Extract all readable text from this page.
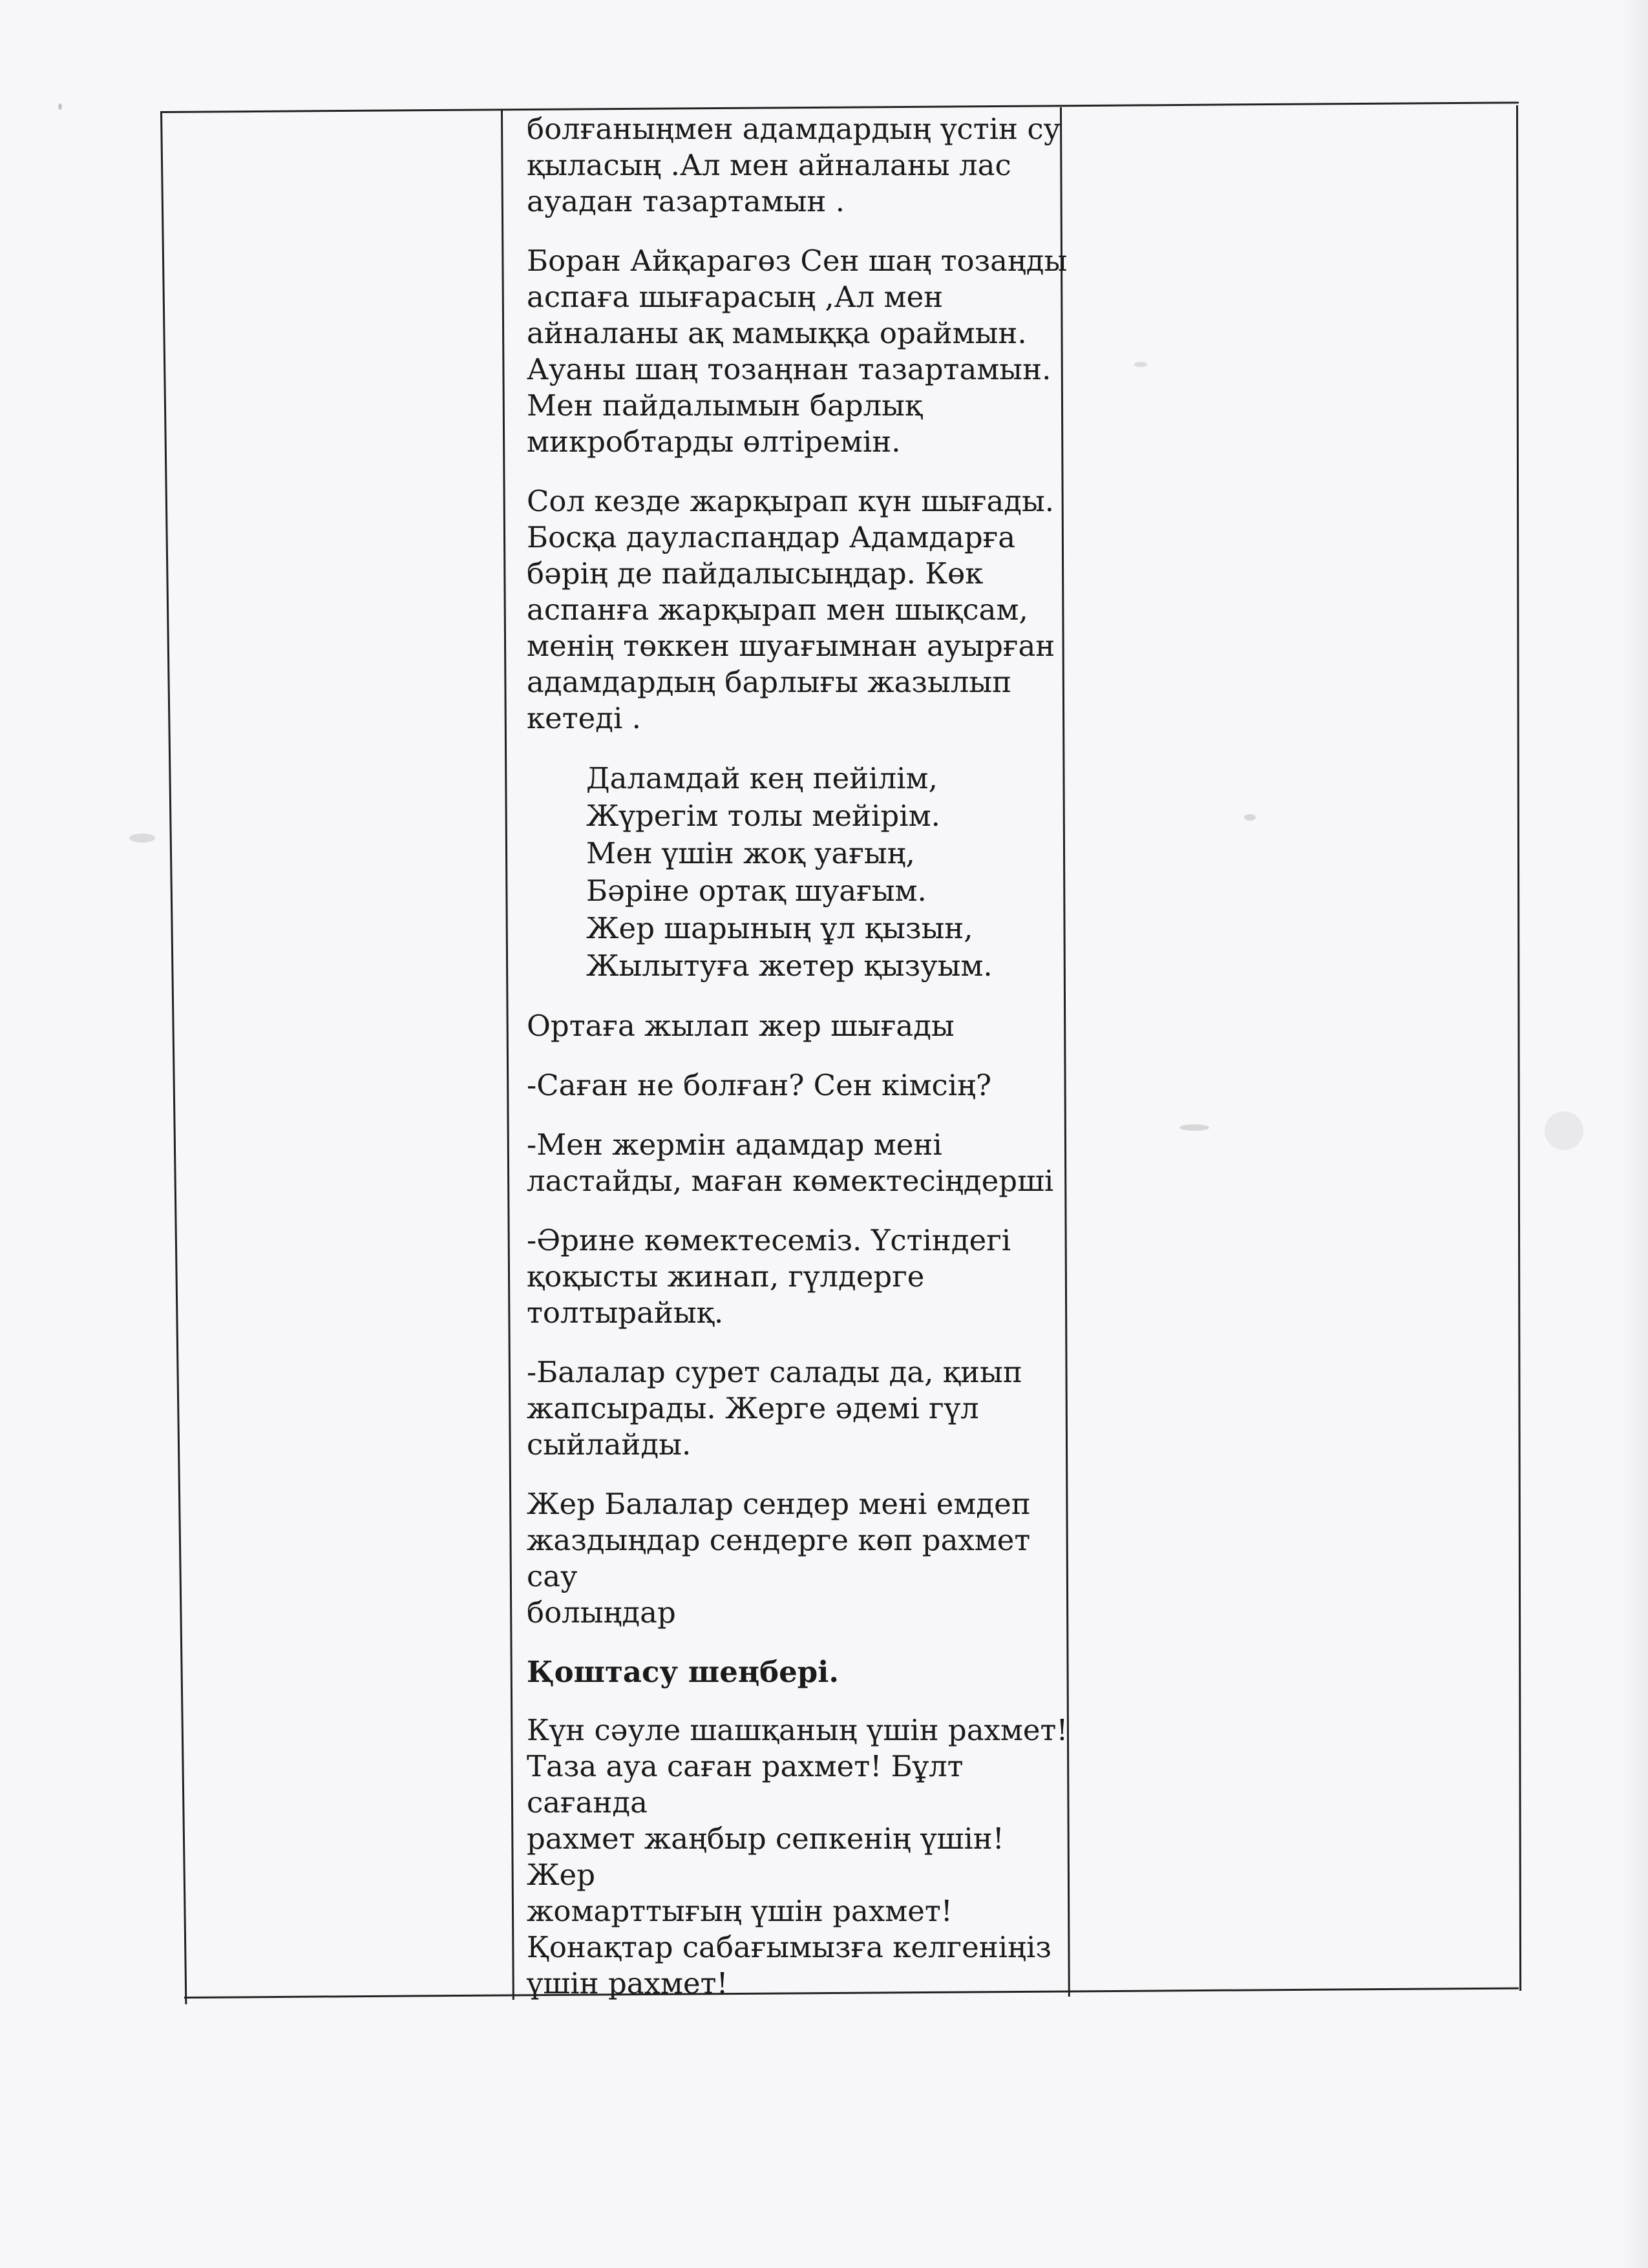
болғаныңмен адамдардың үстін су
қыласың .Ал мен айналаны лас
ауадан тазартамын .

Боран Айқарагөз Сен шаң тозаңды
аспаға шығарасың ,Ал мен
айналаны ақ мамыққа ораймын.
Ауаны шаң тозаңнан тазартамын.
Мен пайдалымын барлық
микробтарды өлтіремін.

Сол кезде жарқырап күн шығады.
Босқа дауласпаңдар Адамдарға
бәрің де пайдалысыңдар. Көк
аспанға жарқырап мен шықсам,
менің төккен шуағымнан ауырған
адамдардың барлығы жазылып
кетеді .

Даламдай кең пейілім,
Жүрегім толы мейірім.
Мен үшін жоқ уағың,
Бәріне ортақ шуағым.
Жер шарының ұл қызын,
Жылытуға жетер қызуым.

Ортаға жылап жер шығады

-Саған не болған? Сен кімсің?

-Мен жермін адамдар мені
ластайды, маған көмектесіңдерші

-Әрине көмектесеміз. Үстіндегі
қоқысты жинап, гүлдерге
толтырайық.

-Балалар сурет салады да, қиып
жапсырады. Жерге әдемі гүл
сыйлайды.

Жер Балалар сендер мені емдеп
жаздыңдар сендерге көп рахмет сау
болыңдар

Қоштасу шеңбері.

Күн сәуле шашқаның үшін рахмет!
Таза ауа саған рахмет! Бұлт сағанда
рахмет жаңбыр сепкенің үшін! Жер
жомарттығың үшін рахмет!
Қонақтар сабағымызға келгеніңіз
үшін рахмет!
